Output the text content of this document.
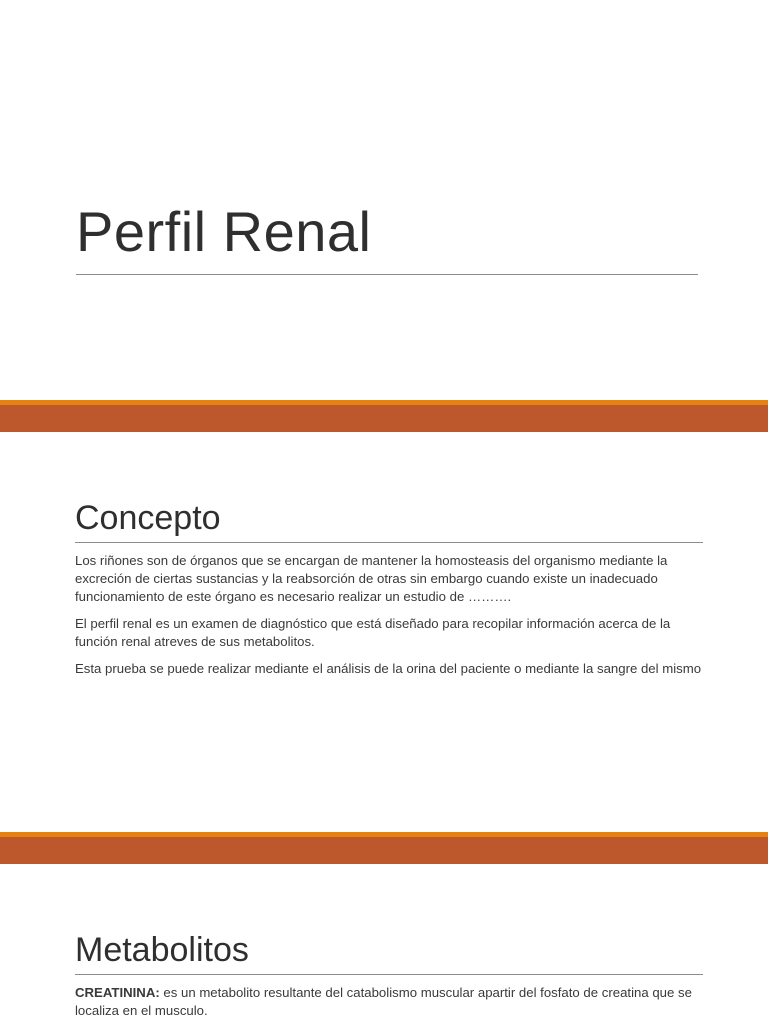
Perfil Renal
Concepto

Los riñones son de órganos que se encargan de mantener la homosteasis del organismo mediante la excreción de ciertas sustancias y la reabsorción de otras sin embargo cuando existe un inadecuado funcionamiento de este órgano es necesario realizar un estudio de ……….

El perfil renal es un examen de diagnóstico que está diseñado para recopilar información acerca de la función renal atreves de sus metabolitos.

Esta prueba se puede realizar mediante el análisis de la orina del paciente o mediante la sangre del mismo

Metabolitos

CREATININA: es un metabolito resultante del catabolismo muscular apartir del fosfato de creatina que se localiza en el musculo.
